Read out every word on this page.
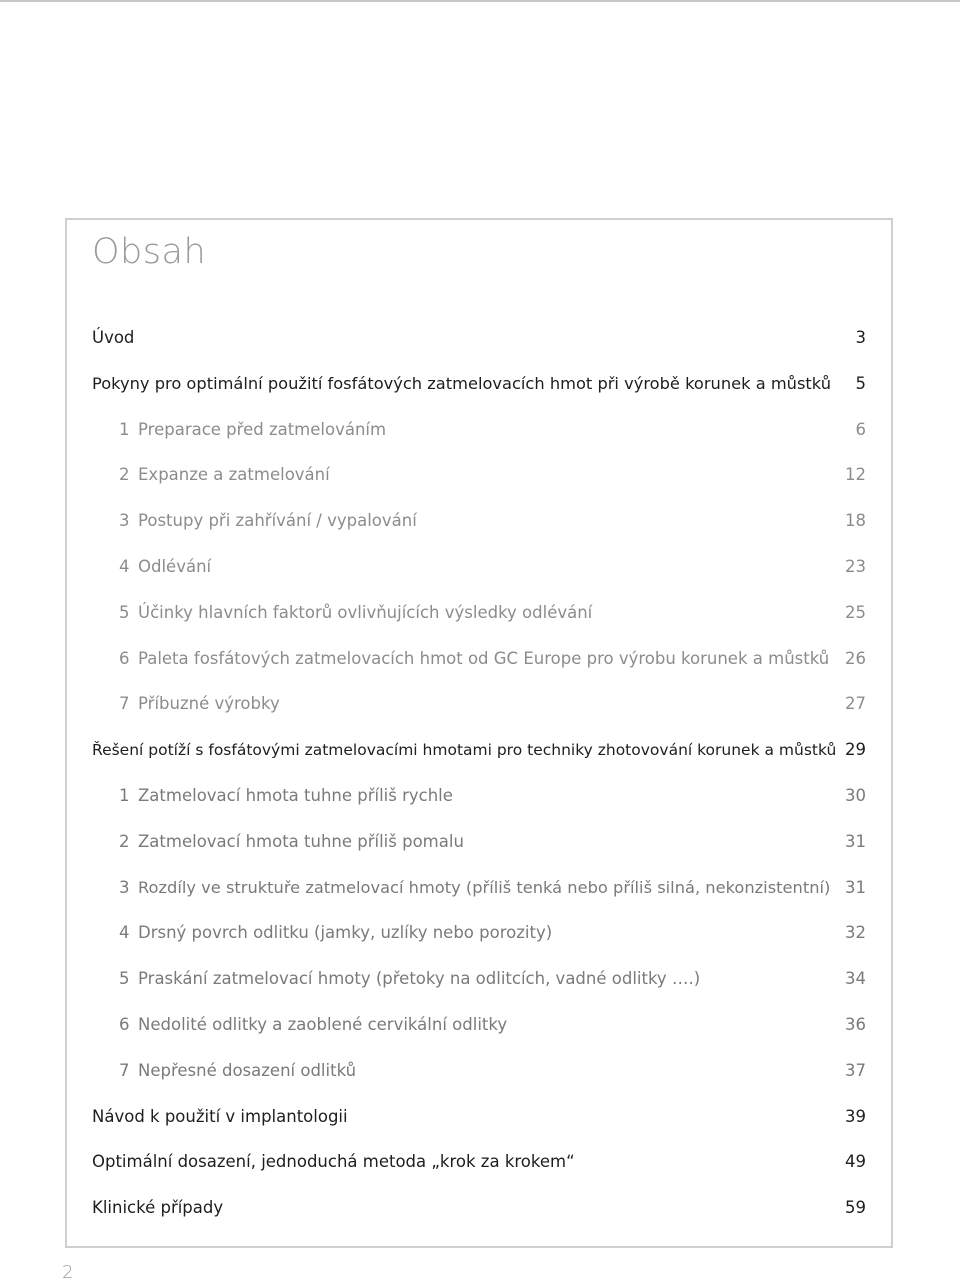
Obsah
Úvod	3
Pokyny pro optimální použití fosfátových zatmelovacích hmot při výrobě korunek a můstků	5
1 Preparace před zatmelováním	6
2 Expanze a zatmelování	12
3 Postupy při zahřívání / vypalování	18
4 Odlévání	23
5 Účinky hlavních faktorů ovlivňujících výsledky odlévání	25
6 Paleta fosfátových zatmelovacích hmot od GC Europe pro výrobu korunek a můstků 26
7 Příbuzné výrobky	27
Řešení potíží s fosfátovými zatmelovacími hmotami pro techniky zhotovování korunek a můstků 29
1 Zatmelovací hmota tuhne příliš rychle	30
2 Zatmelovací hmota tuhne příliš pomalu	31
3 Rozdíly ve struktuře zatmelovací hmoty (příliš tenká nebo příliš silná, nekonzistentní) 31
4 Drsný povrch odlitku (jamky, uzlíky nebo porozity)	32
5 Praskání zatmelovací hmoty (přetoky na odlitcích, vadné odlitky ….)	34
6 Nedolité odlitky a zaoblené cervikální odlitky	36
7 Nepřesné dosazení odlitků	37
Návod k použití v implantologii	39
Optimální dosazení, jednoduchá metoda „krok za krokem“	49
Klinické případy	59
2
